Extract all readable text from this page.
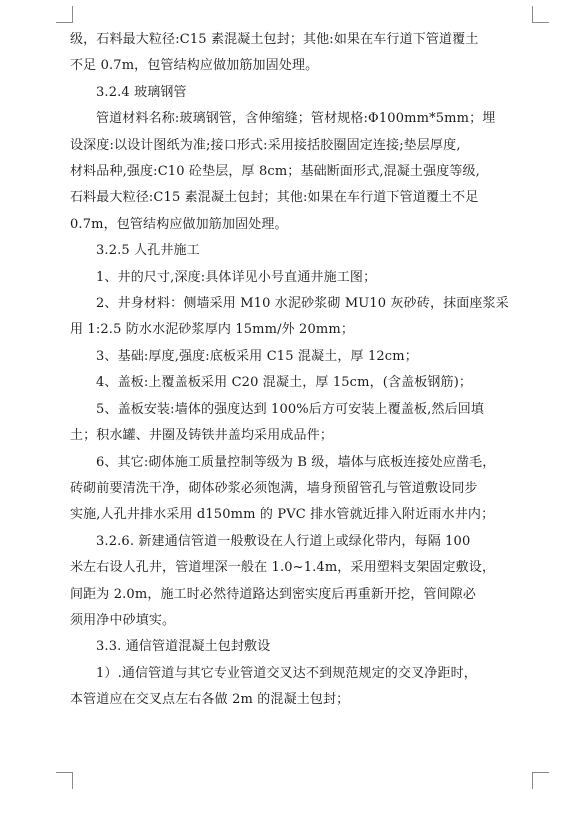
级，石料最大粒径:C15 素混凝土包封；其他:如果在车行道下管道覆土

不足 0.7m，包管结构应做加筋加固处理。

3.2.4 玻璃钢管

管道材料名称:玻璃钢管，含伸缩缝；管材规格:Φ100mm*5mm；埋

设深度:以设计图纸为准;接口形式:采用接括胶圈固定连接;垫层厚度,

材料品种,强度:C10 砼垫层，厚 8cm；基础断面形式,混凝土强度等级,

石料最大粒径:C15 素混凝土包封；其他:如果在车行道下管道覆土不足

0.7m，包管结构应做加筋加固处理。

3.2.5 人孔井施工

1、井的尺寸,深度:具体详见小号直通井施工图；

2、井身材料：侧墙采用 M10 水泥砂浆砌 MU10 灰砂砖，抹面座浆采

用 1:2.5 防水水泥砂浆厚内 15mm/外 20mm；

3、基础:厚度,强度:底板采用 C15 混凝土，厚 12cm；

4、盖板:上覆盖板采用 C20 混凝土，厚 15cm，(含盖板钢筋)；

5、盖板安装:墙体的强度达到 100%后方可安装上覆盖板,然后回填

土；积水罐、井圈及铸铁井盖均采用成品件；

6、其它:砌体施工质量控制等级为 B 级，墙体与底板连接处应凿毛，

砖砌前要清洗干净，砌体砂浆必须饱满，墙身预留管孔与管道敷设同步

实施,人孔井排水采用 d150mm 的 PVC 排水管就近排入附近雨水井内；

3.2.6. 新建通信管道一般敷设在人行道上或绿化带内，每隔 100

米左右设人孔井，管道埋深一般在 1.0~1.4m，采用塑料支架固定敷设，

间距为 2.0m，施工时必然待道路达到密实度后再重新开挖，管间隙必

须用净中砂填实。

3.3. 通信管道混凝土包封敷设

1）.通信管道与其它专业管道交叉达不到规范规定的交叉净距时，

本管道应在交叉点左右各做 2m 的混凝土包封；
